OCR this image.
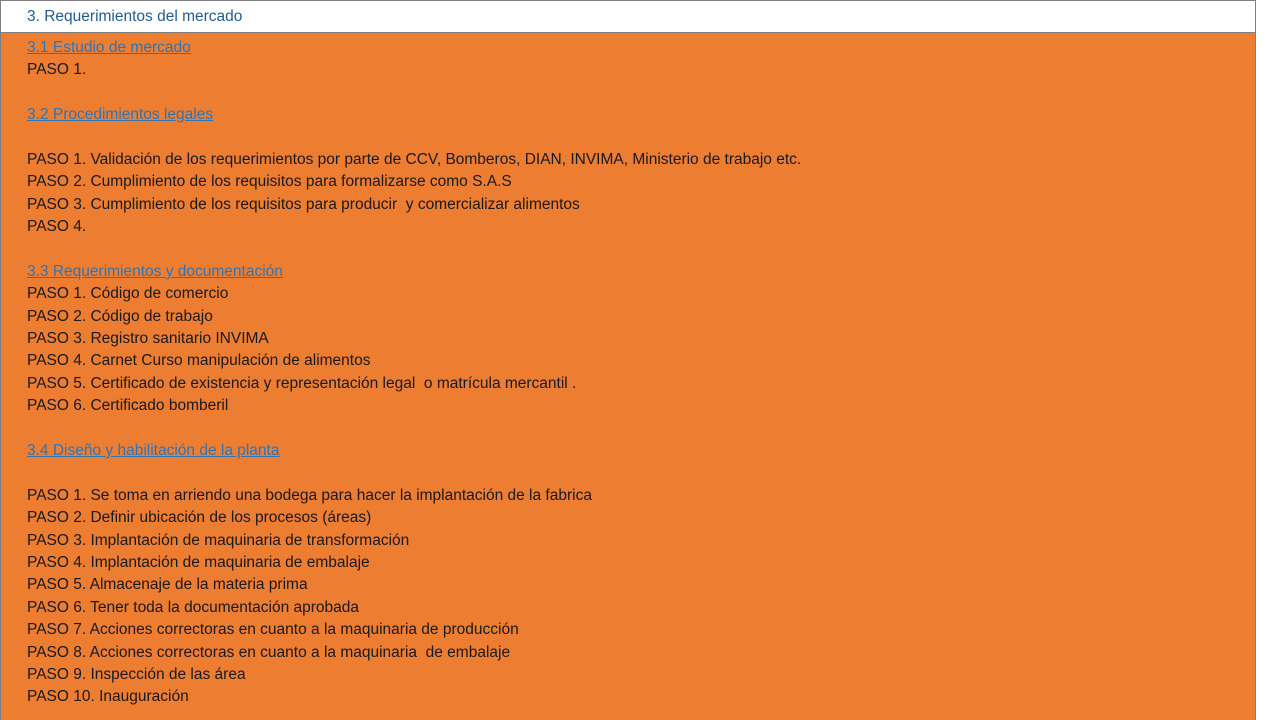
3. Requerimientos del mercado
3.1 Estudio de mercado
PASO 1.
3.2 Procedimientos legales
PASO 1. Validación de los requerimientos por parte de CCV, Bomberos, DIAN, INVIMA, Ministerio de trabajo etc.
PASO 2. Cumplimiento de los requisitos para formalizarse como S.A.S
PASO 3. Cumplimiento de los requisitos para producir  y comercializar alimentos
PASO 4.
3.3 Requerimientos y documentación
PASO 1. Código de comercio
PASO 2. Código de trabajo
PASO 3. Registro sanitario INVIMA
PASO 4. Carnet Curso manipulación de alimentos
PASO 5. Certificado de existencia y representación legal  o matrícula mercantil .
PASO 6. Certificado bomberil
3.4 Diseño y habilitación de la planta
PASO 1. Se toma en arriendo una bodega para hacer la implantación de la fabrica
PASO 2. Definir ubicación de los procesos (áreas)
PASO 3. Implantación de maquinaria de transformación
PASO 4. Implantación de maquinaria de embalaje
PASO 5. Almacenaje de la materia prima
PASO 6. Tener toda la documentación aprobada
PASO 7. Acciones correctoras en cuanto a la maquinaria de producción
PASO 8. Acciones correctoras en cuanto a la maquinaria  de embalaje
PASO 9. Inspección de las área
PASO 10. Inauguración
